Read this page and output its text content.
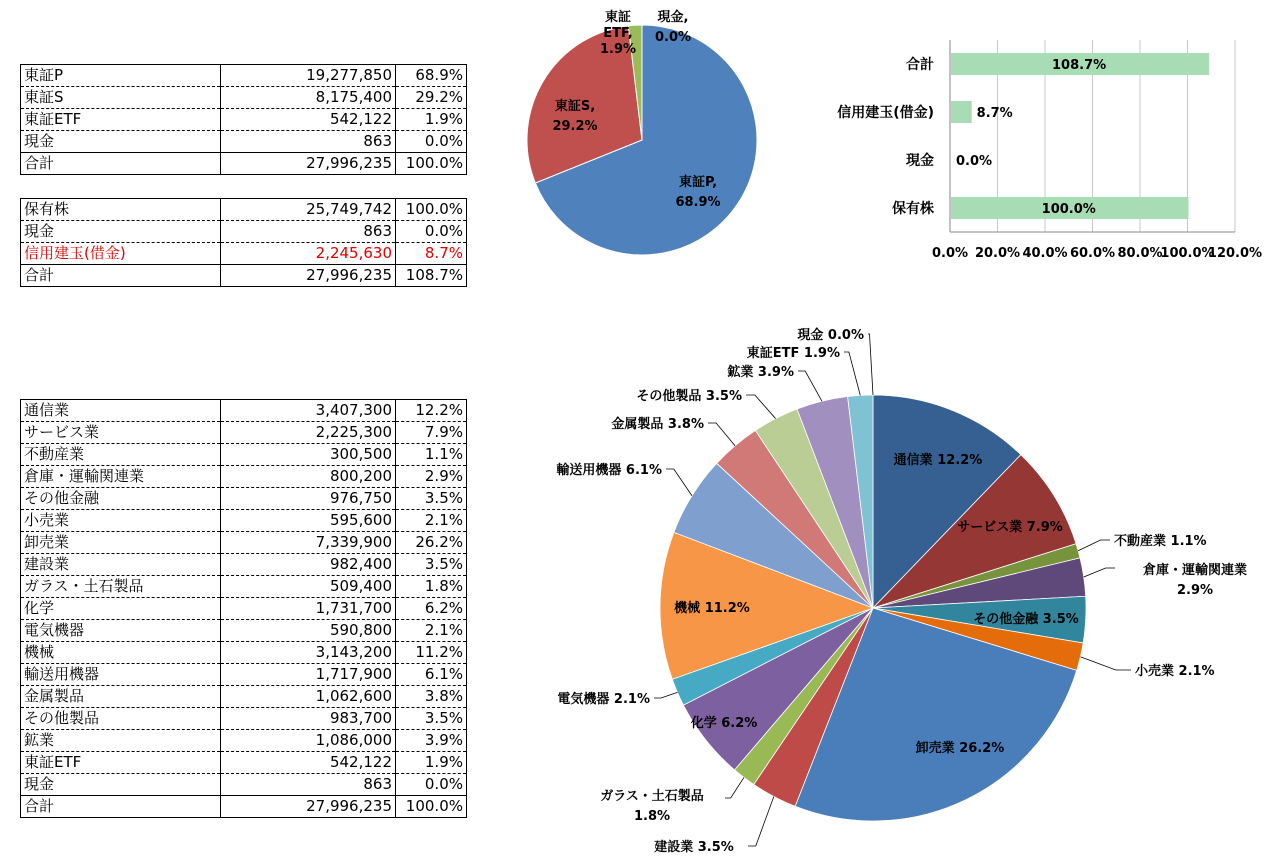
東証P	19,277,850	68.9%
東証S	8,175,400	29.2%
東証ETF	542,122	1.9%
現金	863	0.0%
合計	27,996,235	100.0%
保有株	25,749,742	100.0%
現金	863	0.0%
信用建玉(借金)	2,245,630	8.7%
合計	27,996,235	108.7%
通信業	3,407,300	12.2%
サービス業	2,225,300	7.9%
不動産業	300,500	1.1%
倉庫・運輸関連業	800,200	2.9%
その他金融	976,750	3.5%
小売業	595,600	2.1%
卸売業	7,339,900	26.2%
建設業	982,400	3.5%
ガラス・土石製品	509,400	1.8%
化学	1,731,700	6.2%
電気機器	590,800	2.1%
機械	3,143,200	11.2%
輸送用機器	1,717,900	6.1%
金属製品	1,062,600	3.8%
その他製品	983,700	3.5%
鉱業	1,086,000	3.9%
東証ETF	542,122	1.9%
現金	863	0.0%
合計	27,996,235	100.0%
東証P, 68.9%
東証S, 29.2%
東証 ETF, 1.9%
現金, 0.0%
0.0% 20.0% 40.0% 60.0% 80.0%
100.0%
120.0%
保有株	100.0%
現金 0.0%
信用建玉(借金)	8.7%
合計	108.7%
通信業 12.2%
サービス業 7.9%
不動産業 1.1%
倉庫・運輸関連業 2.9%
その他金融 3.5%
小売業 2.1%
卸売業 26.2%
建設業 3.5%
ガラス・土石製品 1.8%
化学 6.2%
電気機器 2.1%
機械 11.2%
輸送用機器 6.1%
金属製品 3.8%
その他製品 3.5%
鉱業 3.9%
東証ETF 1.9%
現金 0.0%
